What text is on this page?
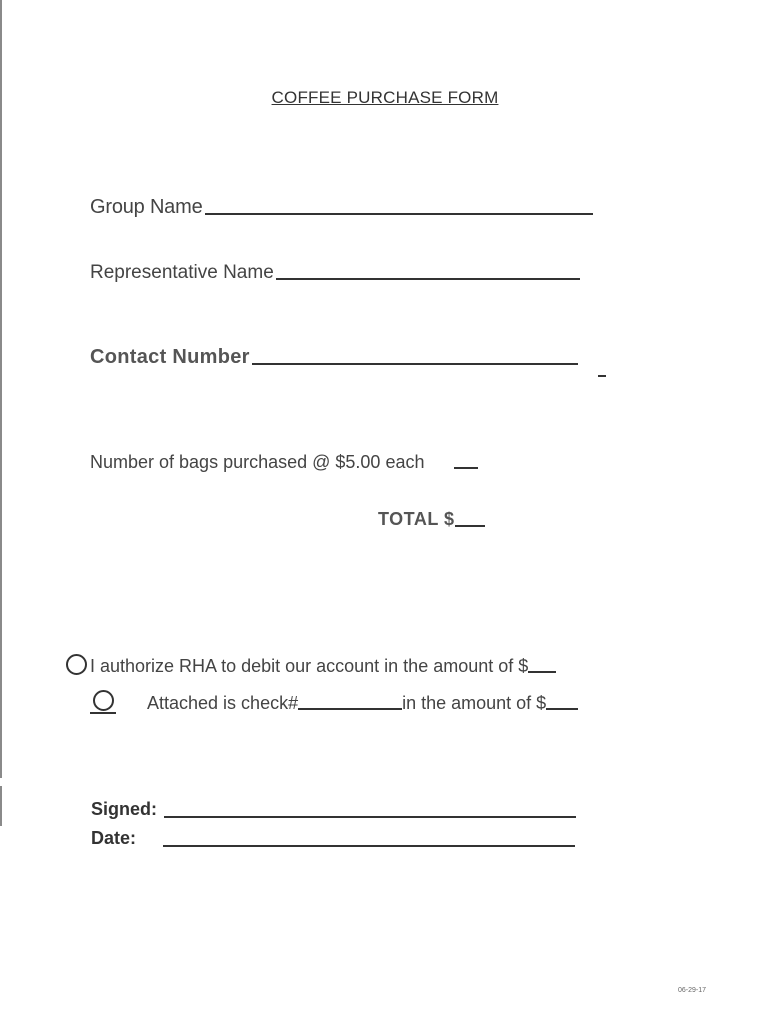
COFFEE PURCHASE FORM
Group Name
Representative Name
Contact Number
Number of bags purchased @ $5.00 each
TOTAL $
I authorize RHA to debit our account in the amount of $
Attached is check#	in the amount of $
Signed:
Date:
06-29-17
